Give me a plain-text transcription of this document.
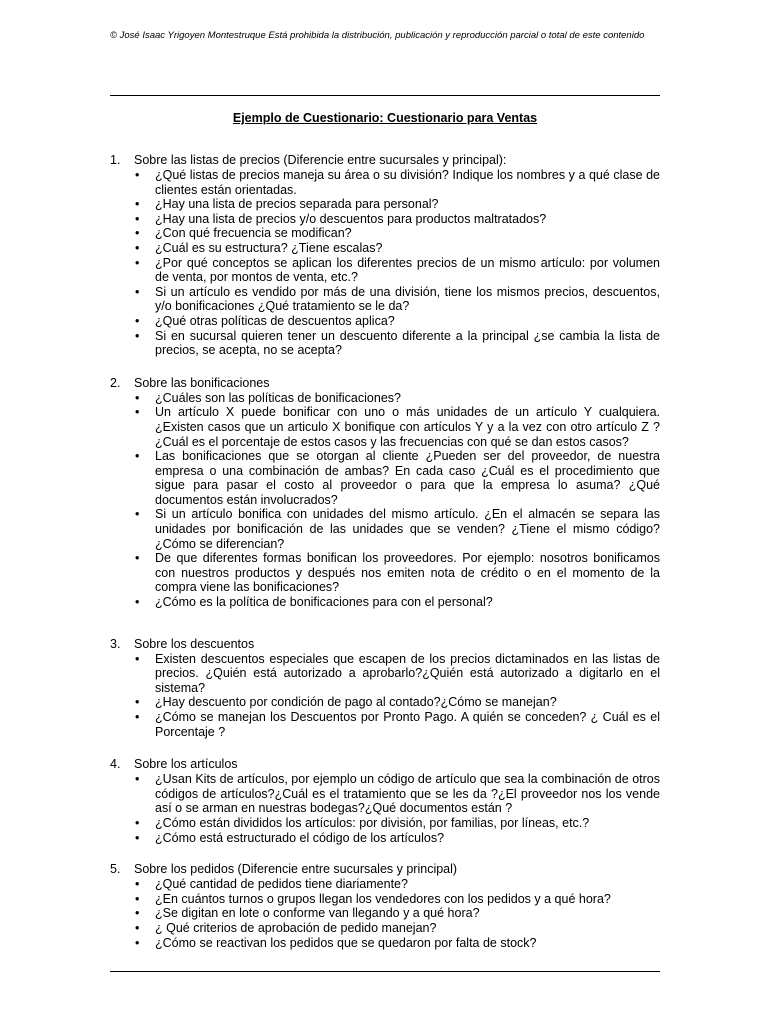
© José Isaac Yrigoyen Montestruque Está prohibida la distribución, publicación y reproducción parcial o total de este contenido
Ejemplo de Cuestionario: Cuestionario para Ventas
1. Sobre las listas de precios (Diferencie entre sucursales y principal):
• ¿Qué listas de precios maneja su área o su división? Indique los nombres y a qué clase de clientes están orientadas.
• ¿Hay una lista de precios separada para personal?
• ¿Hay una lista de precios y/o descuentos para productos maltratados?
• ¿Con qué frecuencia se modifican?
• ¿Cuál es su estructura? ¿Tiene escalas?
• ¿Por qué conceptos se aplican los diferentes precios de un mismo artículo: por volumen de venta, por montos de venta, etc.?
• Si un artículo es vendido por más de una división, tiene los mismos precios, descuentos, y/o bonificaciones ¿Qué tratamiento se le da?
• ¿Qué otras políticas de descuentos aplica?
• Si en sucursal quieren tener un descuento diferente a la principal ¿se cambia la lista de precios, se acepta, no se acepta?
2. Sobre las bonificaciones
• ¿Cuáles son las políticas de bonificaciones?
• Un artículo X puede bonificar con uno o más unidades de un artículo Y cualquiera. ¿Existen casos que un articulo X bonifique con artículos Y y a la vez con otro artículo Z ?¿Cuál es el porcentaje de estos casos y las frecuencias con qué se dan estos casos?
• Las bonificaciones que se otorgan al cliente ¿Pueden ser del proveedor, de nuestra empresa o una combinación de ambas? En cada caso ¿Cuál es el procedimiento que sigue para pasar el costo al proveedor o para que la empresa lo asuma? ¿Qué documentos están involucrados?
• Si un artículo bonifica con unidades del mismo artículo. ¿En el almacén se separa las unidades por bonificación de las unidades que se venden? ¿Tiene el mismo código? ¿Cómo se diferencian?
• De que diferentes formas bonifican los proveedores. Por ejemplo: nosotros bonificamos con nuestros productos y después nos emiten nota de crédito o en el momento de la compra viene las bonificaciones?
• ¿Cómo es la política de bonificaciones para con el personal?
3. Sobre los descuentos
• Existen descuentos especiales que escapen de los precios dictaminados en las listas de precios. ¿Quién está autorizado a aprobarlo?¿Quién está autorizado a digitarlo en el sistema?
• ¿Hay descuento por condición de pago al contado?¿Cómo se manejan?
• ¿Cómo se manejan los Descuentos por Pronto Pago. A quién se conceden? ¿ Cuál es el Porcentaje ?
4. Sobre los artículos
• ¿Usan Kits de artículos, por ejemplo un código de artículo que sea la combinación de otros códigos de artículos?¿Cuál es el tratamiento que se les da ?¿El proveedor nos los vende así o se arman en nuestras bodegas?¿Qué documentos están ?
• ¿Cómo están divididos los artículos: por división, por familias, por líneas, etc.?
• ¿Cómo está estructurado el código de los artículos?
5. Sobre los pedidos (Diferencie entre sucursales y principal)
• ¿Qué cantidad de pedidos tiene diariamente?
• ¿En cuántos turnos o grupos llegan los vendedores con los pedidos y a qué hora?
• ¿Se digitan en lote o conforme van llegando y a qué hora?
• ¿ Qué criterios de aprobación de pedido manejan?
• ¿Cómo se reactivan los pedidos que se quedaron por falta de stock?
